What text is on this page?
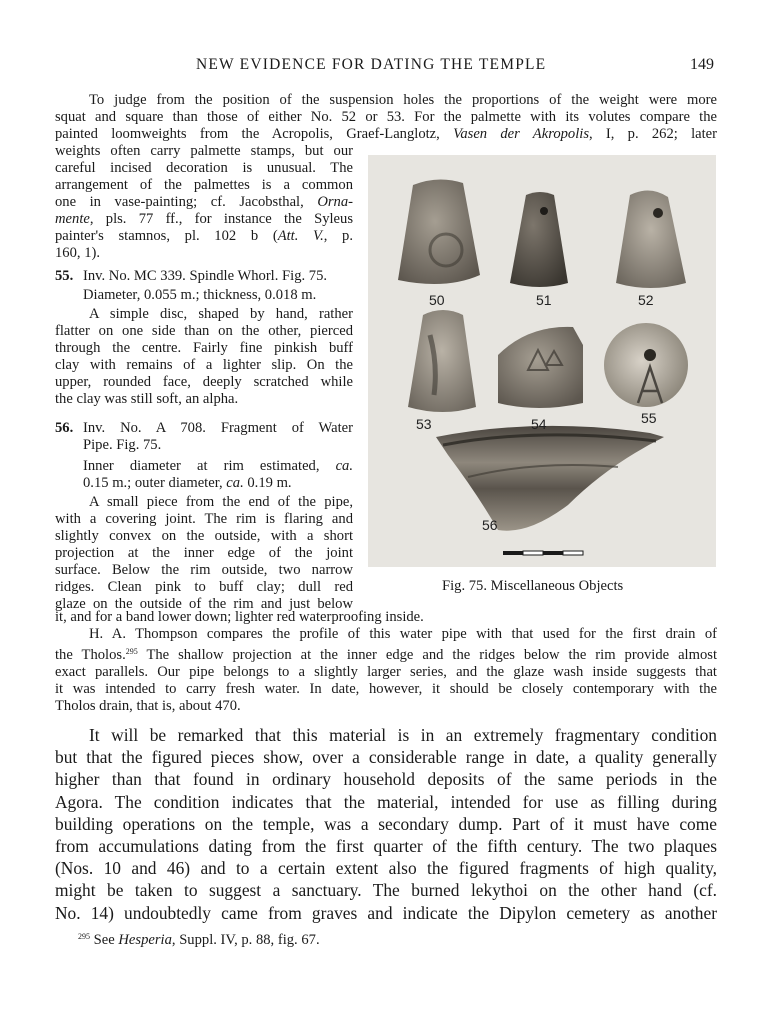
NEW EVIDENCE FOR DATING THE TEMPLE	149

To judge from the position of the suspension holes the proportions of the weight were more

squat and square than those of either No. 52 or 53. For the palmette with its volutes compare the

painted loomweights from the Acropolis, Graef-Langlotz, Vasen der Akropolis, I, p. 262; later

weights often carry palmette stamps, but our

careful incised decoration is unusual. The

arrangement of the palmettes is a common

one in vase-painting; cf. Jacobsthal, Orna-

mente, pls. 77 ff., for instance the Syleus

painter's stamnos, pl. 102 b (Att. V., p.

160, 1).

55. Inv. No. MC 339. Spindle Whorl. Fig. 75.

Diameter, 0.055 m.; thickness, 0.018 m.

A simple disc, shaped by hand, rather

flatter on one side than on the other, pierced

through the centre. Fairly fine pinkish buff

clay with remains of a lighter slip. On the

upper, rounded face, deeply scratched while

the clay was still soft, an alpha.

56. Inv. No. A 708. Fragment of Water

Pipe. Fig. 75.

Inner diameter at rim estimated, ca.

0.15 m.; outer diameter, ca. 0.19 m.

A small piece from the end of the pipe,

with a covering joint. The rim is flaring and

slightly convex on the outside, with a short

projection at the inner edge of the joint

surface. Below the rim outside, two narrow

ridges. Clean pink to buff clay; dull red

glaze on the outside of the rim and just below

it, and for a band lower down; lighter red waterproofing inside.

H. A. Thompson compares the profile of this water pipe with that used for the first drain of

the Tholos.$^{295}$ The shallow projection at the inner edge and the ridges below the rim provide almost

exact parallels. Our pipe belongs to a slightly larger series, and the glaze wash inside suggests that

it was intended to carry fresh water. In date, however, it should be closely contemporary with the

Tholos drain, that is, about 470.

50	51	52
53	54	55
56
Fig. 75. Miscellaneous Objects
It will be remarked that this material is in an extremely fragmentary condition
but that the figured pieces show, over a considerable range in date, a quality generally
higher than that found in ordinary household deposits of the same periods in the
Agora. The condition indicates that the material, intended for use as filling during
building operations on the temple, was a secondary dump. Part of it must have come
from accumulations dating from the first quarter of the fifth century. The two plaques
(Nos. 10 and 46) and to a certain extent also the figured fragments of high quality,
might be taken to suggest a sanctuary. The burned lekythoi on the other hand (cf.
No. 14) undoubtedly came from graves and indicate the Dipylon cemetery as another
$^{295}$ See Hesperia, Suppl. IV, p. 88, fig. 67.
